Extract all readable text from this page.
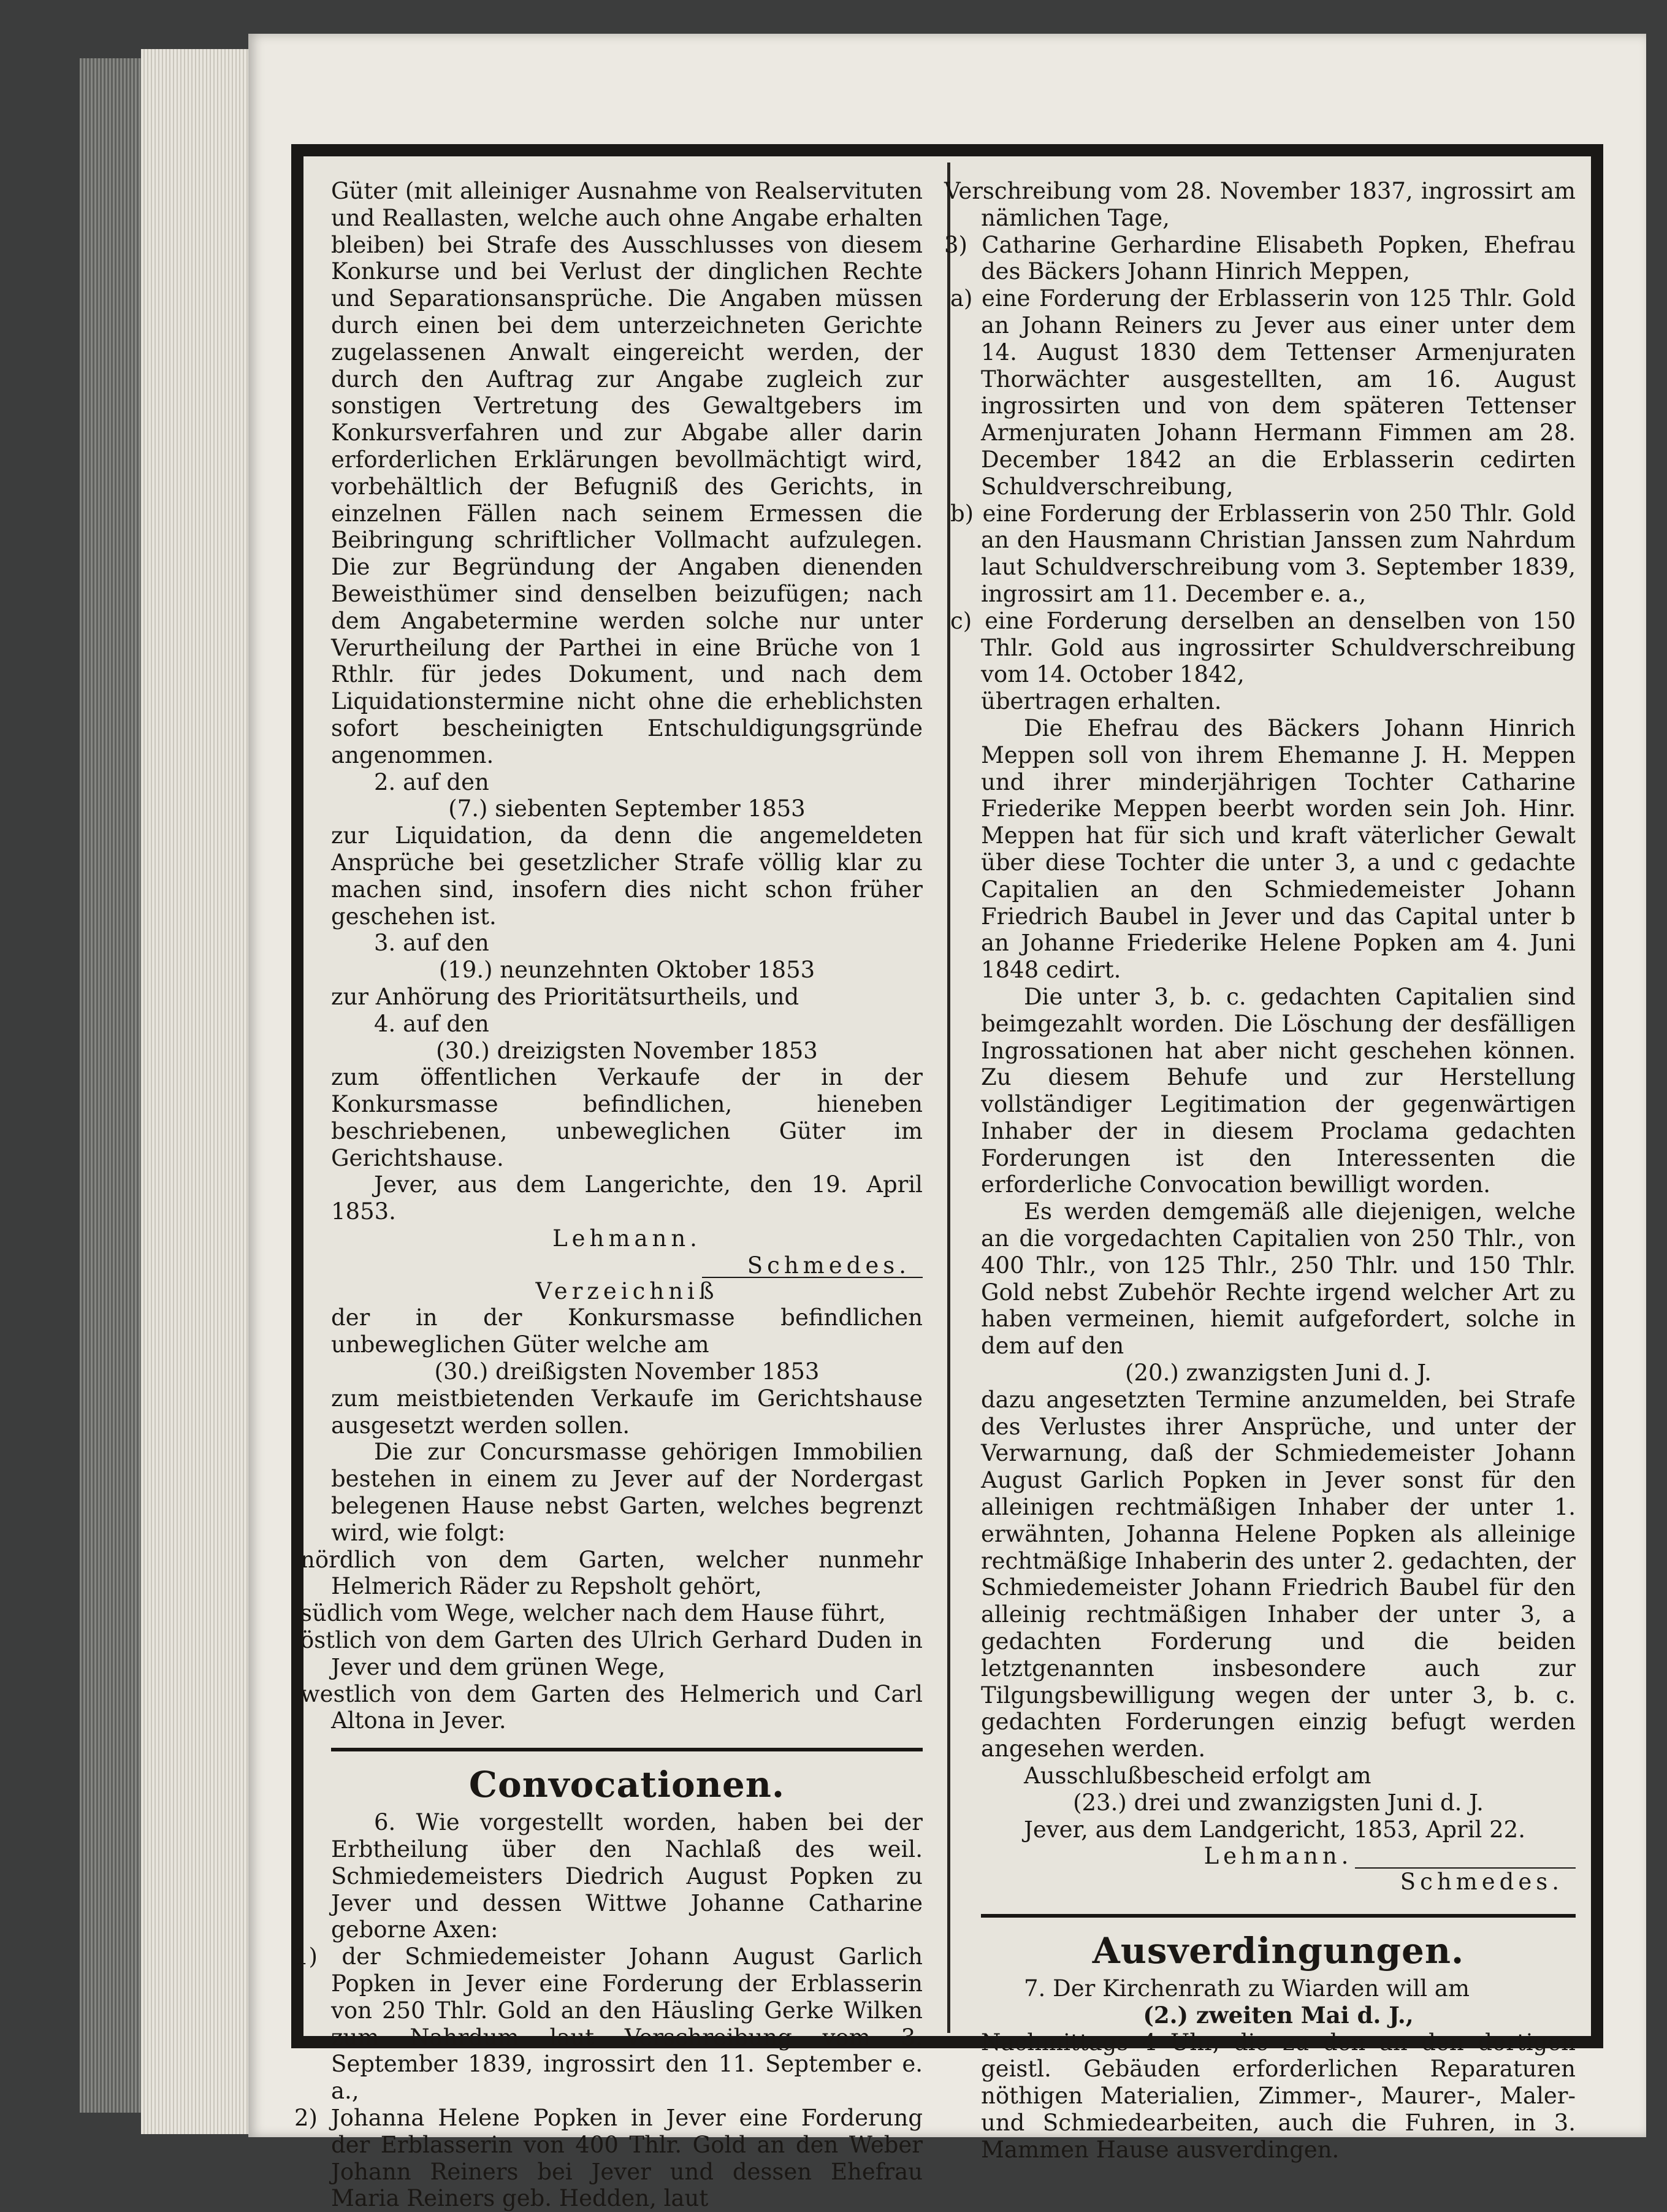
Güter (mit alleiniger Ausnahme von Realservituten und Reallasten, welche auch ohne Angabe erhalten bleiben) bei Strafe des Ausschlusses von diesem Konkurse und bei Verlust der dinglichen Rechte und Separationsansprüche. Die Angaben müssen durch einen bei dem unterzeichneten Gerichte zugelassenen Anwalt eingereicht werden, der durch den Auftrag zur Angabe zugleich zur sonstigen Vertretung des Gewaltgebers im Konkursverfahren und zur Abgabe aller darin erforderlichen Erklärungen bevollmächtigt wird, vorbehältlich der Befugniß des Gerichts, in einzelnen Fällen nach seinem Ermessen die Beibringung schriftlicher Vollmacht aufzulegen. Die zur Begründung der Angaben dienenden Beweisthümer sind denselben beizufügen; nach dem Angabetermine werden solche nur unter Verurtheilung der Parthei in eine Brüche von 1 Rthlr. für jedes Dokument, und nach dem Liquidationstermine nicht ohne die erheblichsten sofort bescheinigten Entschuldigungsgründe angenommen.

2. auf den

(7.) siebenten September 1853

zur Liquidation, da denn die angemeldeten Ansprüche bei gesetzlicher Strafe völlig klar zu machen sind, insofern dies nicht schon früher geschehen ist.

3. auf den

(19.) neunzehnten Oktober 1853

zur Anhörung des Prioritätsurtheils, und

4. auf den

(30.) dreizigsten November 1853

zum öffentlichen Verkaufe der in der Konkursmasse befindlichen, hieneben beschriebenen, unbeweglichen Güter im Gerichtshause.

Jever, aus dem Langerichte, den 19. April 1853.

Lehmann.

Schmedes.

Verzeichniß

der in der Konkursmasse befindlichen unbeweglichen Güter welche am

(30.) dreißigsten November 1853

zum meistbietenden Verkaufe im Gerichtshause ausgesetzt werden sollen.

Die zur Concursmasse gehörigen Immobilien bestehen in einem zu Jever auf der Nordergast belegenen Hause nebst Garten, welches begrenzt wird, wie folgt:

nördlich von dem Garten, welcher nunmehr Helmerich Räder zu Repsholt gehört,

südlich vom Wege, welcher nach dem Hause führt,

östlich von dem Garten des Ulrich Gerhard Duden in Jever und dem grünen Wege,

westlich von dem Garten des Helmerich und Carl Altona in Jever.

Convocationen.

6. Wie vorgestellt worden, haben bei der Erbtheilung über den Nachlaß des weil. Schmiedemeisters Diedrich August Popken zu Jever und dessen Wittwe Johanne Catharine geborne Axen:

1) der Schmiedemeister Johann August Garlich Popken in Jever eine Forderung der Erblasserin von 250 Thlr. Gold an den Häusling Gerke Wilken zum Nahrdum laut Verschreibung vom 3. September 1839, ingrossirt den 11. September e. a.,

2) Johanna Helene Popken in Jever eine Forderung der Erblasserin von 400 Thlr. Gold an den Weber Johann Reiners bei Jever und dessen Ehefrau Maria Reiners geb. Hedden, laut

Verschreibung vom 28. November 1837, ingrossirt am nämlichen Tage,

3) Catharine Gerhardine Elisabeth Popken, Ehefrau des Bäckers Johann Hinrich Meppen,

a) eine Forderung der Erblasserin von 125 Thlr. Gold an Johann Reiners zu Jever aus einer unter dem 14. August 1830 dem Tettenser Armenjuraten Thorwächter ausgestellten, am 16. August ingrossirten und von dem späteren Tettenser Armenjuraten Johann Hermann Fimmen am 28. December 1842 an die Erblasserin cedirten Schuldverschreibung,

b) eine Forderung der Erblasserin von 250 Thlr. Gold an den Hausmann Christian Janssen zum Nahrdum laut Schuldverschreibung vom 3. September 1839, ingrossirt am 11. December e. a.,

c) eine Forderung derselben an denselben von 150 Thlr. Gold aus ingrossirter Schuldverschreibung vom 14. October 1842,

übertragen erhalten.

Die Ehefrau des Bäckers Johann Hinrich Meppen soll von ihrem Ehemanne J. H. Meppen und ihrer minderjährigen Tochter Catharine Friederike Meppen beerbt worden sein Joh. Hinr. Meppen hat für sich und kraft väterlicher Gewalt über diese Tochter die unter 3, a und c gedachte Capitalien an den Schmiedemeister Johann Friedrich Baubel in Jever und das Capital unter b an Johanne Friederike Helene Popken am 4. Juni 1848 cedirt.

Die unter 3, b. c. gedachten Capitalien sind beimgezahlt worden. Die Löschung der desfälligen Ingrossationen hat aber nicht geschehen können. Zu diesem Behufe und zur Herstellung vollständiger Legitimation der gegenwärtigen Inhaber der in diesem Proclama gedachten Forderungen ist den Interessenten die erforderliche Convocation bewilligt worden.

Es werden demgemäß alle diejenigen, welche an die vorgedachten Capitalien von 250 Thlr., von 400 Thlr., von 125 Thlr., 250 Thlr. und 150 Thlr. Gold nebst Zubehör Rechte irgend welcher Art zu haben vermeinen, hiemit aufgefordert, solche in dem auf den

(20.) zwanzigsten Juni d. J.

dazu angesetzten Termine anzumelden, bei Strafe des Verlustes ihrer Ansprüche, und unter der Verwarnung, daß der Schmiedemeister Johann August Garlich Popken in Jever sonst für den alleinigen rechtmäßigen Inhaber der unter 1. erwähnten, Johanna Helene Popken als alleinige rechtmäßige Inhaberin des unter 2. gedachten, der Schmiedemeister Johann Friedrich Baubel für den alleinig rechtmäßigen Inhaber der unter 3, a gedachten Forderung und die beiden letztgenannten insbesondere auch zur Tilgungsbewilligung wegen der unter 3, b. c. gedachten Forderungen einzig befugt werden angesehen werden.

Ausschlußbescheid erfolgt am

(23.) drei und zwanzigsten Juni d. J.

Jever, aus dem Landgericht, 1853, April 22.

Lehmann.

Schmedes.

Ausverdingungen.

7. Der Kirchenrath zu Wiarden will am

(2.) zweiten Mai d. J.,

Nachmittags 4 Uhr, die zu den an den dortigen geistl. Gebäuden erforderlichen Reparaturen nöthigen Materialien, Zimmer-, Maurer-, Maler- und Schmiedearbeiten, auch die Fuhren, in 3. Mammen Hause ausverdingen.
